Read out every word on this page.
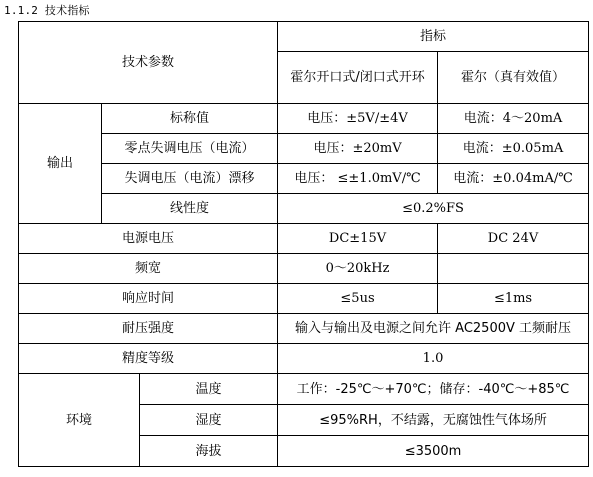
1.1.2 技术指标
技术参数			指标	
			霍尔开口式/闭口式开环	霍尔（真有效值）
输出	标称值		电压：±5V/±4V	电流：4～20mA
	零点失调电压（电流）		电压：±20mV	电流：±0.05mA
	失调电压（电流）漂移		电压： ≤±1.0mV/℃	电流：±0.04mA/℃
	线性度		≤0.2%FS	
电源电压			DC±15V	DC 24V
频宽			0～20kHz	
响应时间			≤5us	≤1ms
耐压强度			输入与输出及电源之间允许 AC2500V 工频耐压	
精度等级			1.0	
环境		温度	工作：-25℃～+70℃；储存：-40℃～+85℃	
		湿度	≤95%RH，不结露，无腐蚀性气体场所	
		海拔	≤3500m	
